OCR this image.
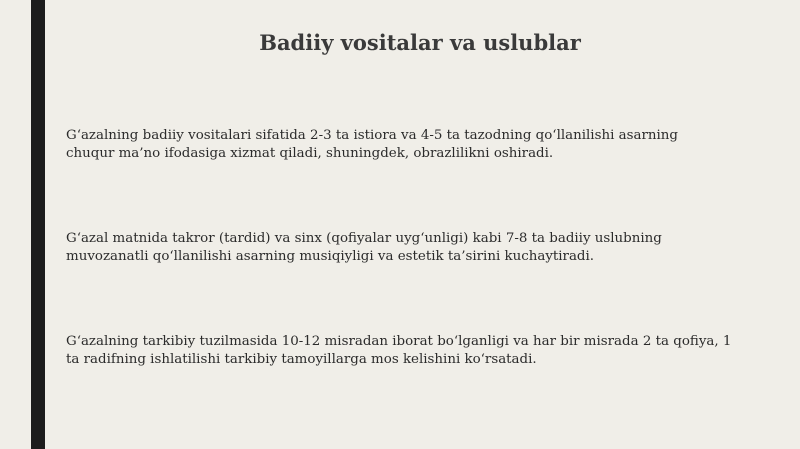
Badiiy vositalar va uslublar
G‘azalning badiiy vositalari sifatida 2-3 ta istiora va 4-5 ta tazodning qo‘llanilishi asarning
chuqur ma’no ifodasiga xizmat qiladi, shuningdek, obrazlilikni oshiradi.
G‘azal matnida takror (tardid) va sinx (qofiyalar uyg‘unligi) kabi 7-8 ta badiiy uslubning
muvozanatli qo‘llanilishi asarning musiqiyligi va estetik ta’sirini kuchaytiradi.
G‘azalning tarkibiy tuzilmasida 10-12 misradan iborat bo‘lganligi va har bir misrada 2 ta qofiya, 1
ta radifning ishlatilishi tarkibiy tamoyillarga mos kelishini ko‘rsatadi.
